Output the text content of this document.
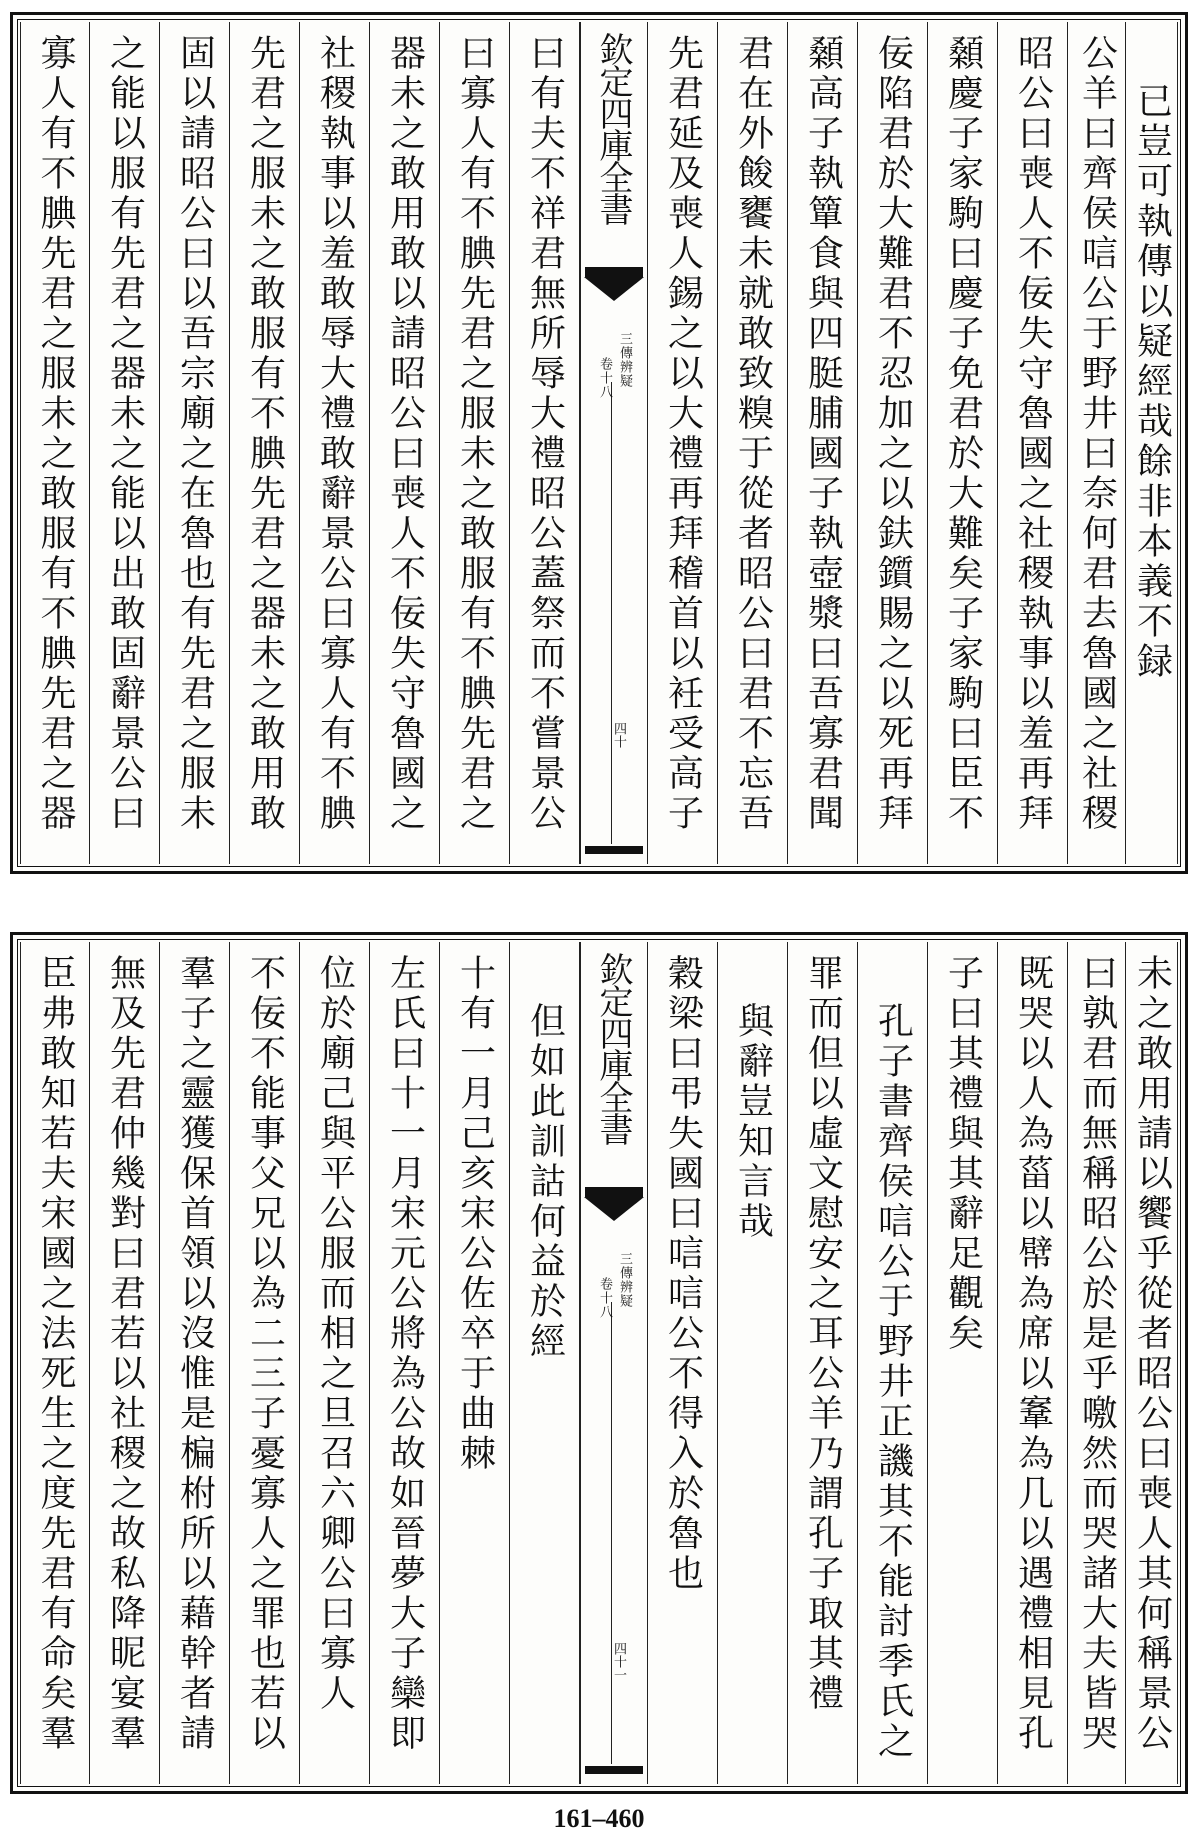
寡人有不腆先君之服未之敢服有不腆先君之器 之能以服有先君之器未之能以出敢固辭景公曰 固以請昭公曰以吾宗廟之在魯也有先君之服未 先君之服未之敢服有不腆先君之器未之敢用敢 社稷執事以羞敢辱大禮敢辭景公曰寡人有不腆 器未之敢用敢以請昭公曰喪人不佞失守魯國之 曰寡人有不腆先君之服未之敢服有不腆先君之 曰有夫不祥君無所辱大禮昭公蓋祭而不嘗景公 欽定四庫全書
三傳辨疑
卷十八
四十 先君延及喪人錫之以大禮再拜稽首以衽受高子 君在外餕饔未就敢致糗于從者昭公曰君不忘吾 顙高子執簞食與四脡脯國子執壺漿曰吾寡君聞 佞陷君於大難君不忍加之以鈇鑕賜之以死再拜 顙慶子家駒曰慶子免君於大難矣子家駒曰臣不 昭公曰喪人不佞失守魯國之社稷執事以羞再拜 公羊曰齊侯唁公于野井曰奈何君去魯國之社稷 已豈可執傳以疑經哉餘非本義不録
臣弗敢知若夫宋國之法死生之度先君有命矣羣 無及先君仲幾對曰君若以社稷之故私降昵宴羣 羣子之靈獲保首領以沒惟是楄柎所以藉幹者請 不佞不能事父兄以為二三子憂寡人之罪也若以 位於廟己與平公服而相之旦召六卿公曰寡人 左氏曰十一月宋元公將為公故如晉夢大子欒即 十有一月己亥宋公佐卒于曲棘 但如此訓詁何益於經 欽定四庫全書
三傳辨疑
卷十八
四十一
穀梁曰弔失國曰唁唁公不得入於魯也 與辭豈知言哉 罪而但以虛文慰安之耳公羊乃謂孔子取其禮 孔子書齊侯唁公于野井正譏其不能討季氏之 子曰其禮與其辭足觀矣 既哭以人為菑以幦為席以鞌為几以遇禮相見孔 曰孰君而無稱昭公於是乎噭然而哭諸大夫皆哭 未之敢用請以饗乎從者昭公曰喪人其何稱景公
161–460
